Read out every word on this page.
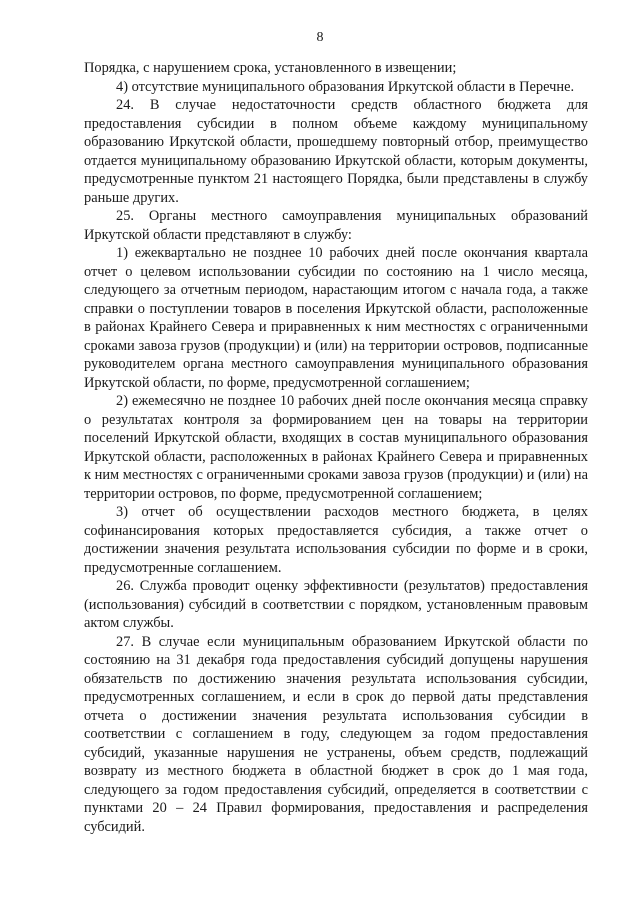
8

Порядка, с нарушением срока, установленного в извещении;

4) отсутствие муниципального образования Иркутской области в Перечне.

24. В случае недостаточности средств областного бюджета для предоставления субсидии в полном объеме каждому муниципальному образованию Иркутской области, прошедшему повторный отбор, преимущество отдается муниципальному образованию Иркутской области, которым документы, предусмотренные пунктом 21 настоящего Порядка, были представлены в службу раньше других.

25. Органы местного самоуправления муниципальных образований Иркутской области представляют в службу:

1) ежеквартально не позднее 10 рабочих дней после окончания квартала отчет о целевом использовании субсидии по состоянию на 1 число месяца, следующего за отчетным периодом, нарастающим итогом с начала года, а также справки о поступлении товаров в поселения Иркутской области, расположенные в районах Крайнего Севера и приравненных к ним местностях с ограниченными сроками завоза грузов (продукции) и (или) на территории островов, подписанные руководителем органа местного самоуправления муниципального образования Иркутской области, по форме, предусмотренной соглашением;

2) ежемесячно не позднее 10 рабочих дней после окончания месяца справку о результатах контроля за формированием цен на товары на территории поселений Иркутской области, входящих в состав муниципального образования Иркутской области, расположенных в районах Крайнего Севера и приравненных к ним местностях с ограниченными сроками завоза грузов (продукции) и (или) на территории островов, по форме, предусмотренной соглашением;

3) отчет об осуществлении расходов местного бюджета, в целях софинансирования которых предоставляется субсидия, а также отчет о достижении значения результата использования субсидии по форме и в сроки, предусмотренные соглашением.

26. Служба проводит оценку эффективности (результатов) предоставления (использования) субсидий в соответствии с порядком, установленным правовым актом службы.

27. В случае если муниципальным образованием Иркутской области по состоянию на 31 декабря года предоставления субсидий допущены нарушения обязательств по достижению значения результата использования субсидии, предусмотренных соглашением, и если в срок до первой даты представления отчета о достижении значения результата использования субсидии в соответствии с соглашением в году, следующем за годом предоставления субсидий, указанные нарушения не устранены, объем средств, подлежащий возврату из местного бюджета в областной бюджет в срок до 1 мая года, следующего за годом предоставления субсидий, определяется в соответствии с пунктами 20 – 24 Правил формирования, предоставления и распределения субсидий.
